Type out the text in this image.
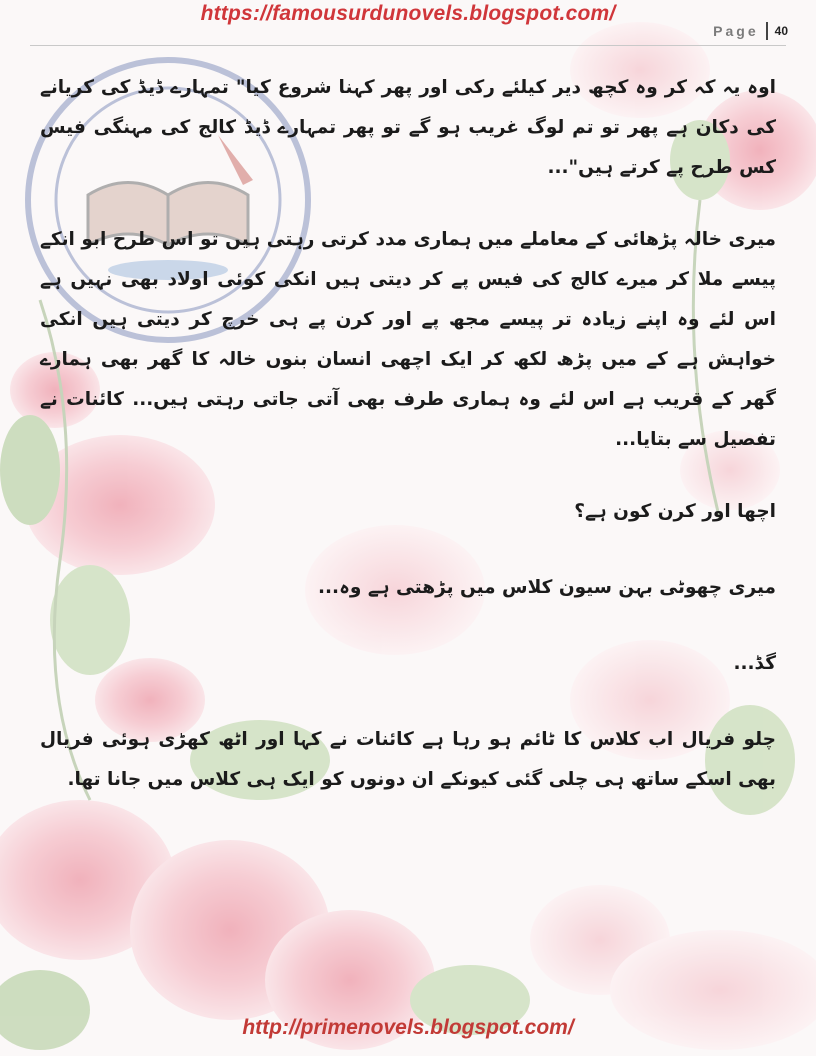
https://famousurdunovels.blogspot.com/
Page 40

اوہ یہ کہ کر وہ کچھ دیر کیلئے رکی اور پھر کہنا شروع کیا" تمہارے ڈیڈ کی کریانے کی دکان ہے پھر تو تم لوگ غریب ہو گے تو پھر تمہارے ڈیڈ کالج کی مہنگی فیس کس طرح پے کرتے ہیں"...

میری خالہ پڑھائی کے معاملے میں ہماری مدد کرتی رہتی ہیں تو اس طرح ابو انکے پیسے ملا کر میرے کالج کی فیس پے کر دیتی ہیں انکی کوئی اولاد بھی نہیں ہے اس لئے وہ اپنے زیادہ تر پیسے مجھ پے اور کرن پے ہی خرچ کر دیتی ہیں انکی خواہش ہے کے میں پڑھ لکھ کر ایک اچھی انسان بنوں خالہ کا گھر بھی ہمارے گھر کے قریب ہے اس لئے وہ ہماری طرف بھی آتی جاتی رہتی ہیں... کائنات نے تفصیل سے بتایا...

اچھا اور کرن کون ہے؟

میری چھوٹی بہن سیون کلاس میں پڑھتی ہے وہ...

گڈ...

چلو فریال اب کلاس کا ٹائم ہو رہا ہے کائنات نے کہا اور اٹھ کھڑی ہوئی فریال بھی اسکے ساتھ ہی چلی گئی کیونکے ان دونوں کو ایک ہی کلاس میں جانا تھا.

http://primenovels.blogspot.com/
